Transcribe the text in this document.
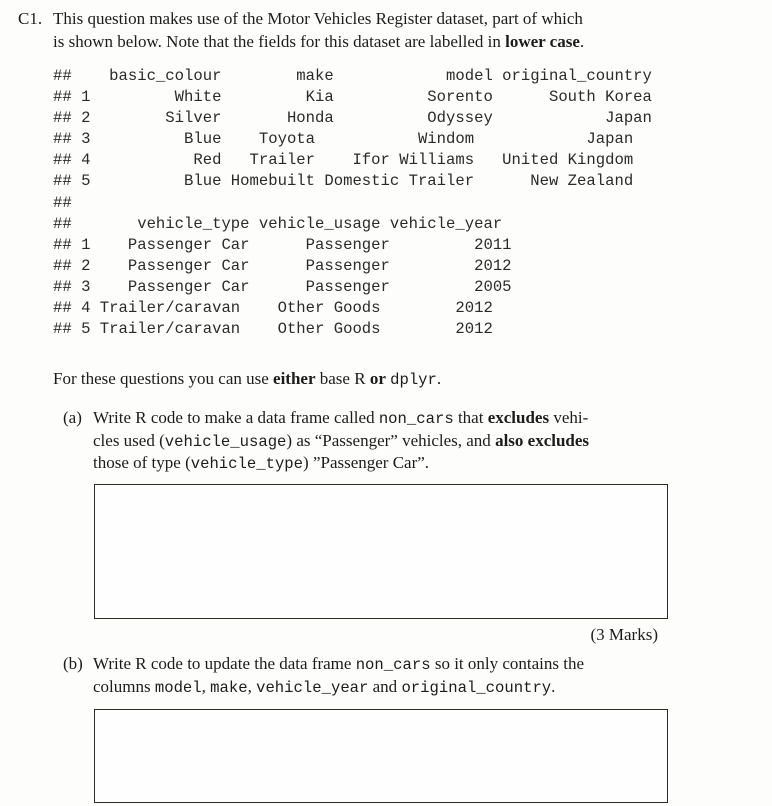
C1. This question makes use of the Motor Vehicles Register dataset, part of which
is shown below. Note that the fields for this dataset are labelled in lower case.
##    basic_colour        make            model original_country
## 1         White         Kia          Sorento      South Korea
## 2        Silver       Honda          Odyssey            Japan
## 3          Blue    Toyota           Windom            Japan
## 4           Red   Trailer    Ifor Williams   United Kingdom
## 5          Blue Homebuilt Domestic Trailer      New Zealand
##
##       vehicle_type vehicle_usage vehicle_year
## 1    Passenger Car      Passenger         2011
## 2    Passenger Car      Passenger         2012
## 3    Passenger Car      Passenger         2005
## 4 Trailer/caravan    Other Goods        2012
## 5 Trailer/caravan    Other Goods        2012
For these questions you can use either base R or dplyr.
(a) Write R code to make a data frame called non_cars that excludes vehi-
cles used (vehicle_usage) as “Passenger” vehicles, and also excludes
those of type (vehicle_type) ”Passenger Car”.
(3 Marks)
(b) Write R code to update the data frame non_cars so it only contains the
columns model, make, vehicle_year and original_country.
